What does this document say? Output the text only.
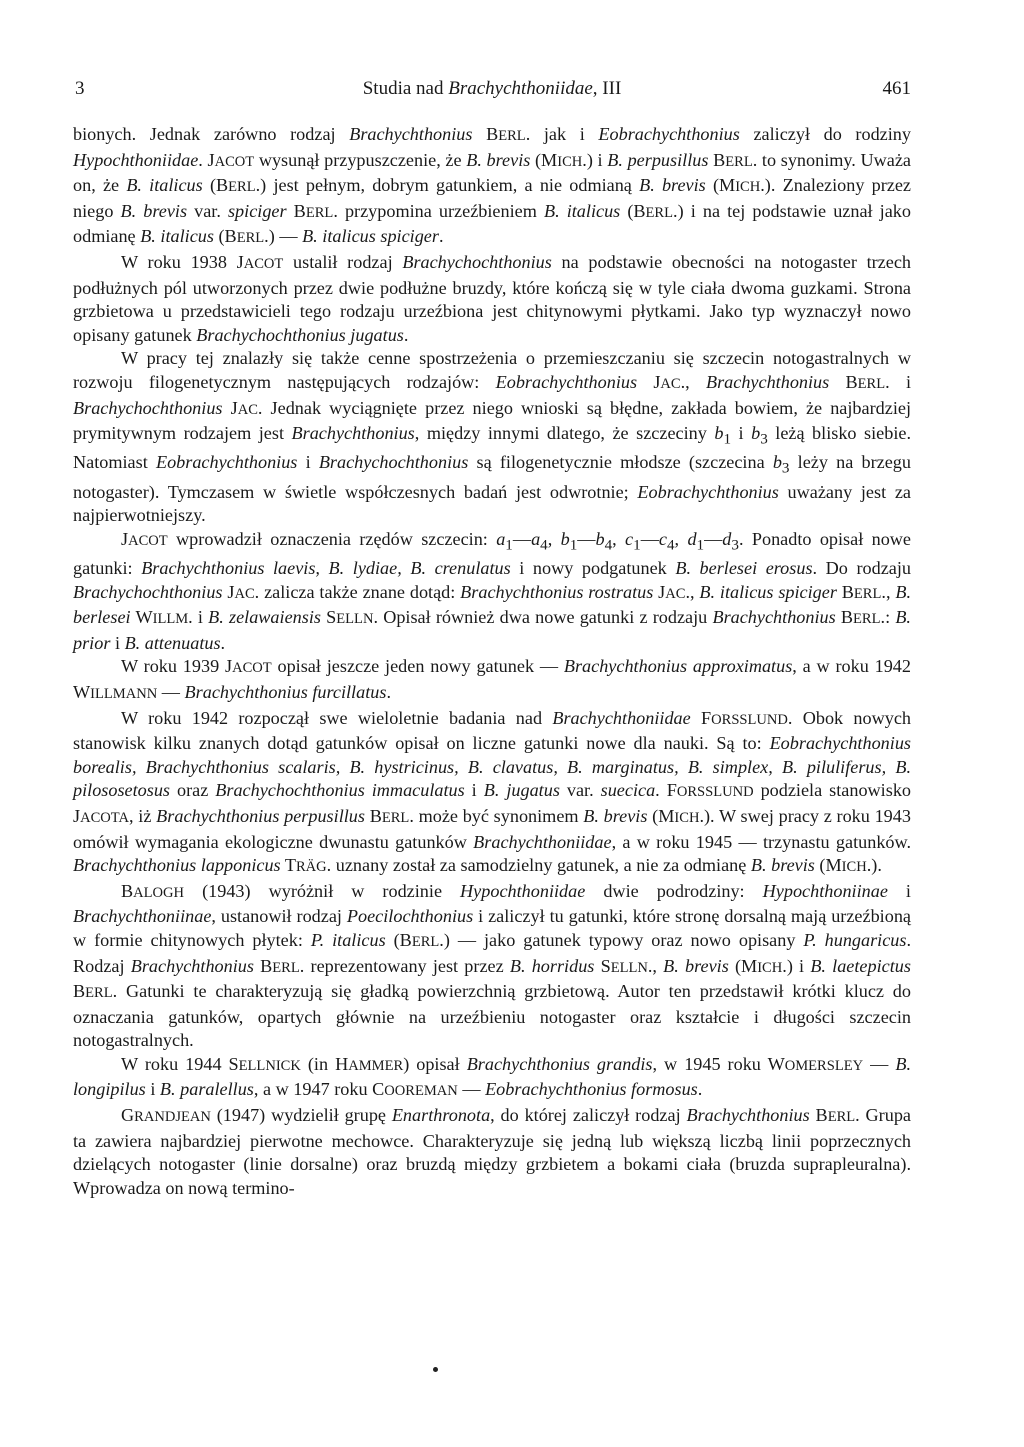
3	Studia nad Brachychthoniidae, III	461

bionych. Jednak zarówno rodzaj Brachychthonius BERL. jak i Eobrachychthonius zaliczył do rodziny Hypochthoniidae. JACOT wysunął przypuszczenie, że B. brevis (MICH.) i B. perpusillus BERL. to synonimy. Uważa on, że B. italicus (BERL.) jest pełnym, dobrym gatunkiem, a nie odmianą B. brevis (MICH.). Znaleziony przez niego B. brevis var. spiciger BERL. przypomina urzeźbieniem B. italicus (BERL.) i na tej podstawie uznał jako odmianę B. italicus (BERL.) — B. italicus spiciger.

W roku 1938 JACOT ustalił rodzaj Brachychochthonius na podstawie obecności na notogaster trzech podłużnych pól utworzonych przez dwie podłużne bruzdy, które kończą się w tyle ciała dwoma guzkami. Strona grzbietowa u przedstawicieli tego rodzaju urzeźbiona jest chitynowymi płytkami. Jako typ wyznaczył nowo opisany gatunek Brachychochthonius jugatus.

W pracy tej znalazły się także cenne spostrzeżenia o przemieszczaniu się szczecin notogastralnych w rozwoju filogenetycznym następujących rodzajów: Eobrachychthonius JAC., Brachychthonius BERL. i Brachychochthonius JAC. Jednak wyciągnięte przez niego wnioski są błędne, zakłada bowiem, że najbardziej prymitywnym rodzajem jest Brachychthonius, między innymi dlatego, że szczeciny $b_1$ i $b_3$ leżą blisko siebie. Natomiast Eobrachychthonius i Brachychochthonius są filogenetycznie młodsze (szczecina $b_3$ leży na brzegu notogaster). Tymczasem w świetle współczesnych badań jest odwrotnie; Eobrachychthonius uważany jest za najpierwotniejszy.

JACOT wprowadził oznaczenia rzędów szczecin: $a_1—a_4$, $b_1—b_4$, $c_1—c_4$, $d_1—d_3$. Ponadto opisał nowe gatunki: Brachychthonius laevis, B. lydiae, B. crenulatus i nowy podgatunek B. berlesei erosus. Do rodzaju Brachychochthonius JAC. zalicza także znane dotąd: Brachychthonius rostratus JAC., B. italicus spiciger BERL., B. berlesei WILLM. i B. zelawaiensis SELLN. Opisał również dwa nowe gatunki z rodzaju Brachychthonius BERL.: B. prior i B. attenuatus.

W roku 1939 JACOT opisał jeszcze jeden nowy gatunek — Brachychthonius approximatus, a w roku 1942 WILLMANN — Brachychthonius furcillatus.

W roku 1942 rozpoczął swe wieloletnie badania nad Brachychthoniidae FORSSLUND. Obok nowych stanowisk kilku znanych dotąd gatunków opisał on liczne gatunki nowe dla nauki. Są to: Eobrachychthonius borealis, Brachychthonius scalaris, B. hystricinus, B. clavatus, B. marginatus, B. simplex, B. piluliferus, B. pilososetosus oraz Brachychochthonius immaculatus i B. jugatus var. suecica. FORSSLUND podziela stanowisko JACOTA, iż Brachychthonius perpusillus BERL. może być synonimem B. brevis (MICH.). W swej pracy z roku 1943 omówił wymagania ekologiczne dwunastu gatunków Brachychthoniidae, a w roku 1945 — trzynastu gatunków. Brachychthonius lapponicus TRÄG. uznany został za samodzielny gatunek, a nie za odmianę B. brevis (MICH.).

BALOGH (1943) wyróżnił w rodzinie Hypochthoniidae dwie podrodziny: Hypochthoniinae i Brachychthoniinae, ustanowił rodzaj Poecilochthonius i zaliczył tu gatunki, które stronę dorsalną mają urzeźbioną w formie chitynowych płytek: P. italicus (BERL.) — jako gatunek typowy oraz nowo opisany P. hungaricus. Rodzaj Brachychthonius BERL. reprezentowany jest przez B. horridus SELLN., B. brevis (MICH.) i B. laetepictus BERL. Gatunki te charakteryzują się gładką powierzchnią grzbietową. Autor ten przedstawił krótki klucz do oznaczania gatunków, opartych głównie na urzeźbieniu notogaster oraz kształcie i długości szczecin notogastralnych.

W roku 1944 SELLNICK (in HAMMER) opisał Brachychthonius grandis, w 1945 roku WOMERSLEY — B. longipilus i B. paralellus, a w 1947 roku COOREMAN — Eobrachychthonius formosus.

GRANDJEAN (1947) wydzielił grupę Enarthronota, do której zaliczył rodzaj Brachychthonius BERL. Grupa ta zawiera najbardziej pierwotne mechowce. Charakteryzuje się jedną lub większą liczbą linii poprzecznych dzielących notogaster (linie dorsalne) oraz bruzdą między grzbietem a bokami ciała (bruzda suprapleuralna). Wprowadza on nową termino-
